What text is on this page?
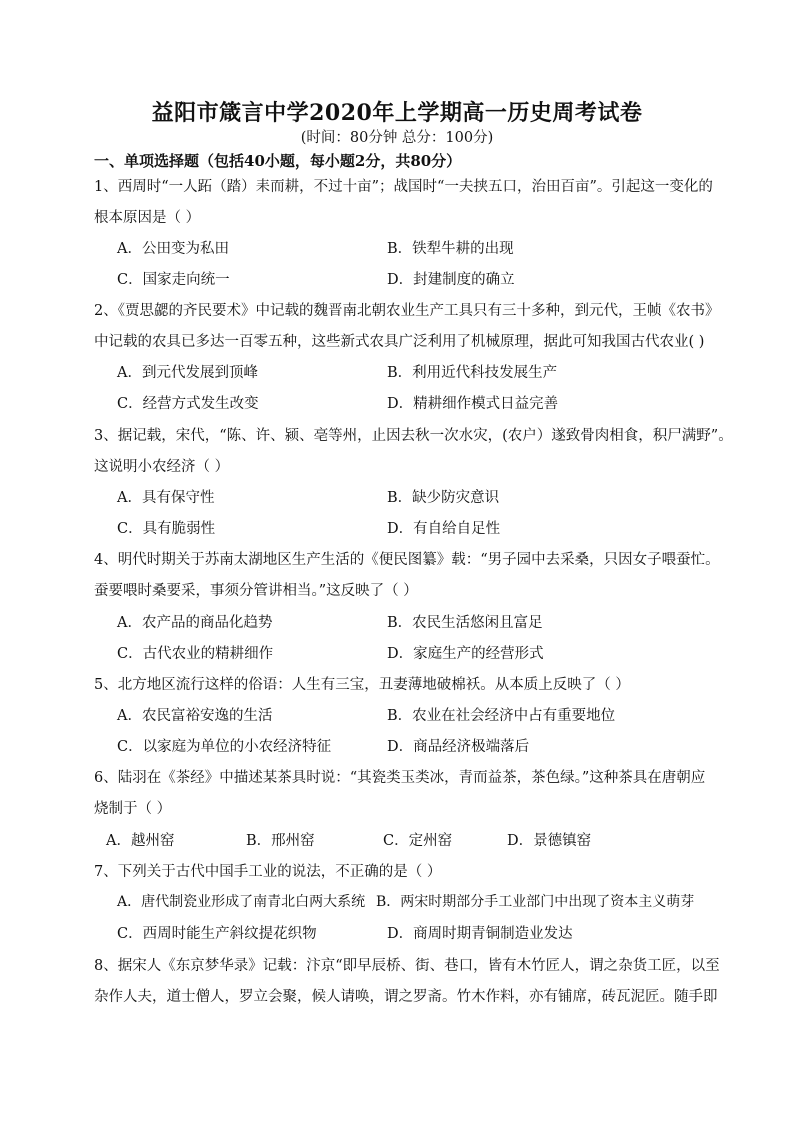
益阳市箴言中学2020年上学期高一历史周考试卷
(时间：80分钟 总分：100分)
一、单项选择题（包括40小题，每小题2分，共80分）
1、西周时“一人跖（踏）耒而耕，不过十亩”；战国时“一夫挟五口，治田百亩”。引起这一变化的
根本原因是（ ）
A．公田变为私田	B．铁犁牛耕的出现
C．国家走向统一	D．封建制度的确立
2、《贾思勰的齐民要术》中记载的魏晋南北朝农业生产工具只有三十多种，到元代，王帧《农书》
中记载的农具已多达一百零五种，这些新式农具广泛利用了机械原理，据此可知我国古代农业( )
A．到元代发展到顶峰	B．利用近代科技发展生产
C．经营方式发生改变	D．精耕细作模式日益完善
3、据记载，宋代，“陈、许、颍、亳等州，止因去秋一次水灾，(农户）遂致骨肉相食，积尸满野”。
这说明小农经济（ ）
A．具有保守性	B．缺少防灾意识
C．具有脆弱性	D．有自给自足性
4、明代时期关于苏南太湖地区生产生活的《便民图纂》载：“男子园中去采桑，只因女子喂蚕忙。
蚕要喂时桑要采，事须分管讲相当。”这反映了（ ）
A．农产品的商品化趋势	B．农民生活悠闲且富足
C．古代农业的精耕细作	D．家庭生产的经营形式
5、北方地区流行这样的俗语：人生有三宝，丑妻薄地破棉袄。从本质上反映了（ ）
A．农民富裕安逸的生活	B．农业在社会经济中占有重要地位
C．以家庭为单位的小农经济特征	D．商品经济极端落后
6、陆羽在《茶经》中描述某茶具时说：“其瓷类玉类冰，青而益茶，茶色绿。”这种茶具在唐朝应
烧制于（ ）
A．越州窑	B．邢州窑	C．定州窑	D．景德镇窑
7、下列关于古代中国手工业的说法，不正确的是（ ）
A．唐代制瓷业形成了南青北白两大系统 B．两宋时期部分手工业部门中出现了资本主义萌芽
C．西周时能生产斜纹提花织物	D．商周时期青铜制造业发达
8、据宋人《东京梦华录》记载：汴京“即早辰桥、街、巷口，皆有木竹匠人，谓之杂货工匠，以至
杂作人夫，道士僧人，罗立会聚，候人请唤，谓之罗斋。竹木作料，亦有铺席，砖瓦泥匠。随手即
